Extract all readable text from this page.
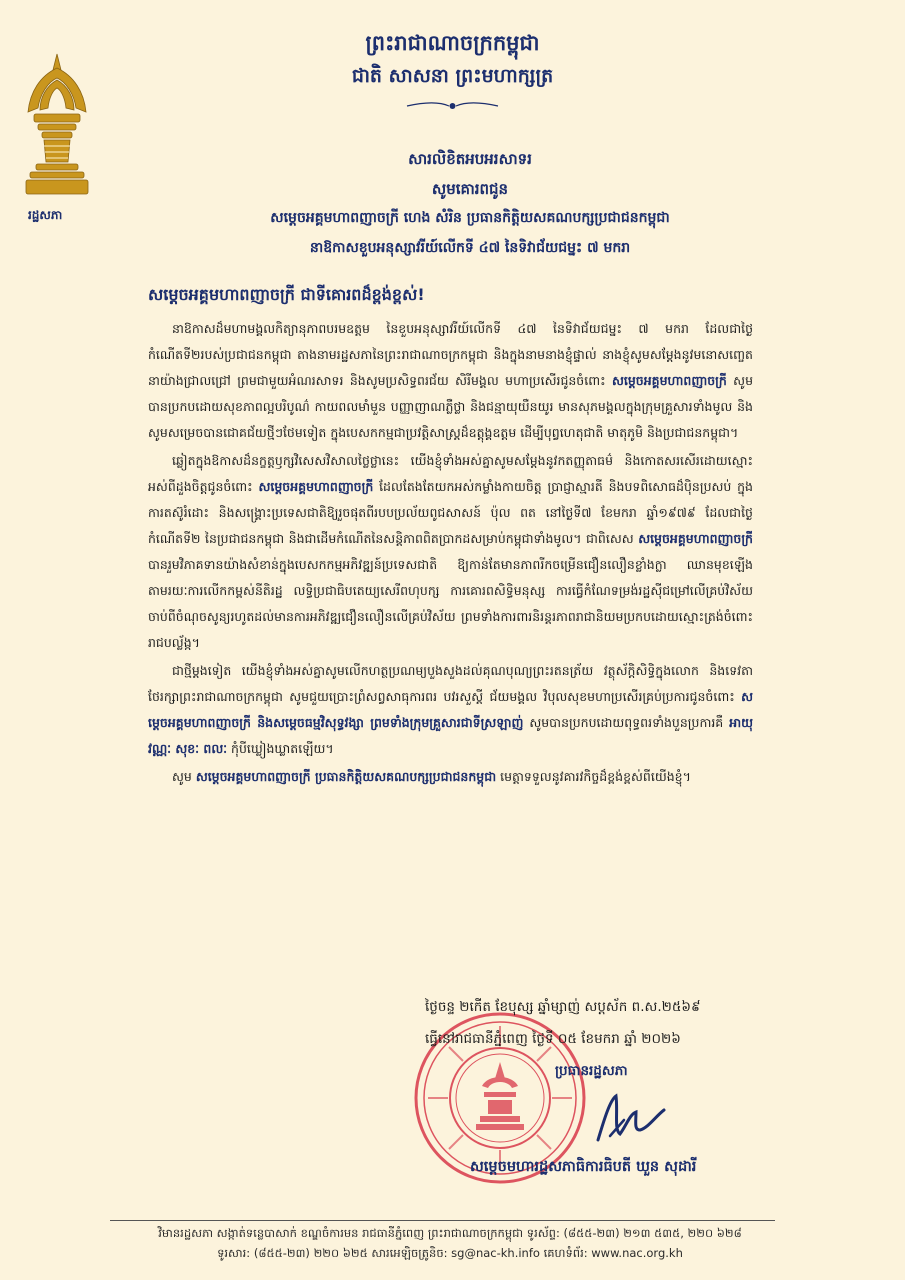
រដ្ឋសភា
ព្រះរាជាណាចក្រកម្ពុជា
ជាតិ សាសនា ព្រះមហាក្សត្រ
សារលិខិតអបអរសាទរ
សូមគោរពជូន
សម្តេចអគ្គមហាពញាចក្រី ហេង សំរិន ប្រធានកិត្តិយសគណបក្សប្រជាជនកម្ពុជា
នាឱកាសខួបអនុស្សាវរីយ៍លើកទី ៤៧ នៃទិវាជ័យជម្នះ ៧ មករា
សម្តេចអគ្គមហាពញាចក្រី ជាទីគោរពដ៏ខ្ពង់ខ្ពស់!

នាឱកាសដ៏មហាមង្គលកិត្យានុភាពបរមឧត្តម នៃខួបអនុស្សាវរីយ៍លើកទី ៤៧ នៃទិវាជ័យជម្នះ ៧ មករា ដែលជាថ្ងៃកំណើតទី២របស់ប្រជាជនកម្ពុជា តាងនាមរដ្ឋសភានៃព្រះរាជាណាចក្រកម្ពុជា និងក្នុងនាមនាងខ្ញុំផ្ទាល់ នាងខ្ញុំសូមសម្តែងនូវមនោសញ្ចេតនាយ៉ាងជ្រាលជ្រៅ ព្រមជាមួយអំណរសាទរ និងសូមប្រសិទ្ធពរជ័យ សិរីមង្គល មហាប្រសើរជូនចំពោះ សម្តេចអគ្គមហាពញាចក្រី សូមបានប្រកបដោយសុខភាពល្អបរិបូណ៌ កាយពលមាំមួន បញ្ញាញាណភ្លឺថ្លា និងជន្មាយុយឺនយូរ មានសុភមង្គលក្នុងក្រុមគ្រួសារទាំងមូល និងសូមសម្រេចបានជោគជ័យថ្មីៗថែមទៀត ក្នុងបេសកកម្មជាប្រវត្តិសាស្ត្រដ៏ឧត្តុង្គឧត្តម ដើម្បីបុព្វហេតុជាតិ មាតុភូមិ និងប្រជាជនកម្ពុជា។

ឆ្លៀតក្នុងឱកាសដ៏នក្ខត្តឫក្សវិសេសវិសាលថ្លៃថ្លានេះ យើងខ្ញុំទាំងអស់គ្នាសូមសម្តែងនូវកតញ្ញុតាធម៌ និងកោតសរសើរដោយស្មោះអស់ពីដួងចិត្តជូនចំពោះ សម្តេចអគ្គមហាពញាចក្រី ដែលតែងតែយកអស់កម្លាំងកាយចិត្ត ប្រាជ្ញាស្មារតី និងបទពិសោធដ៏ប៉ិនប្រសប់ ក្នុងការតស៊ូរំដោះ និងសង្គ្រោះប្រទេសជាតិឱ្យរួចផុតពីរបបប្រល័យពូជសាសន៍ ប៉ុល ពត នៅថ្ងៃទី៧ ខែមករា ឆ្នាំ១៩៧៩ ដែលជាថ្ងៃកំណើតទី២ នៃប្រជាជនកម្ពុជា និងជាដើមកំណើតនៃសន្តិភាពពិតប្រាកដសម្រាប់កម្ពុជាទាំងមូល។ ជាពិសេស សម្តេចអគ្គមហាពញាចក្រី បានរួមវិភាគទានយ៉ាងសំខាន់ក្នុងបេសកកម្មអភិវឌ្ឍន៍ប្រទេសជាតិ ឱ្យកាន់តែមានភាពរីកចម្រើនជឿនលឿនខ្លាំងក្លា ឈានមុខឡើង តាមរយៈការលើកកម្ពស់នីតិរដ្ឋ លទ្ធិប្រជាធិបតេយ្យសេរីពហុបក្ស ការគោរពសិទ្ធិមនុស្ស ការធ្វើកំណែទម្រង់រដ្ឋស៊ីជម្រៅលើគ្រប់វិស័យ ចាប់ពីចំណុចសូន្យរហូតដល់មានការអភិវឌ្ឍជឿនលឿនលើគ្រប់វិស័យ ព្រមទាំងការពារនិរន្តរភាពរាជានិយមប្រកបដោយស្មោះត្រង់ចំពោះរាជបល្ល័ង្ក។

ជាថ្មីម្តងទៀត យើងខ្ញុំទាំងអស់គ្នាសូមលើកហត្ថប្រណម្យបួងសួងដល់គុណបុណ្យព្រះរតនត្រ័យ វត្ថុស័ក្តិសិទ្ធិក្នុងលោក និងទេវតាថែរក្សាព្រះរាជាណាចក្រកម្ពុជា សូមជួយប្រោះព្រំសព្វសាធុការពរ បវរសួស្តី ជ័យមង្គល វិបុលសុខមហាប្រសើរគ្រប់ប្រការជូនចំពោះ សម្តេចអគ្គមហាពញាចក្រី និងសម្តេចធម្មវិសុទ្ធវង្សា ព្រមទាំងក្រុមគ្រួសារជាទីស្រឡាញ់ សូមបានប្រកបដោយពុទ្ធពរទាំងបួនប្រការគឺ អាយុ វណ្ណៈ សុខៈ ពលៈ កុំបីឃ្លៀងឃ្លាតឡើយ។

សូម សម្តេចអគ្គមហាពញាចក្រី ប្រធានកិត្តិយសគណបក្សប្រជាជនកម្ពុជា មេត្តាទទួលនូវគារវកិច្ចដ៏ខ្ពង់ខ្ពស់ពីយើងខ្ញុំ។

ថ្ងៃចន្ទ ២កើត ខែបុស្ស ឆ្នាំម្សាញ់ សប្តស័ក ព.ស.២៥៦៩
ធ្វើនៅរាជធានីភ្នំពេញ ថ្ងៃទី ០៥ ខែមករា ឆ្នាំ ២០២៦
ប្រធានរដ្ឋសភា
សម្តេចមហារដ្ឋសភាធិការធិបតី ឃួន សុដារី
វិមានរដ្ឋសភា សង្កាត់ទន្លេបាសាក់ ខណ្ឌចំការមន រាជធានីភ្នំពេញ ព្រះរាជាណាចក្រកម្ពុជា ទូរស័ព្ទ: (៨៥៥-២៣) ២១៣ ៥៣៥, ២២០ ៦២៨
ទូរសារ: (៨៥៥-២៣) ២២០ ៦២៥ សារអេឡិចត្រូនិច: sg@nac-kh.info គេហទំព័រ: www.nac.org.kh
